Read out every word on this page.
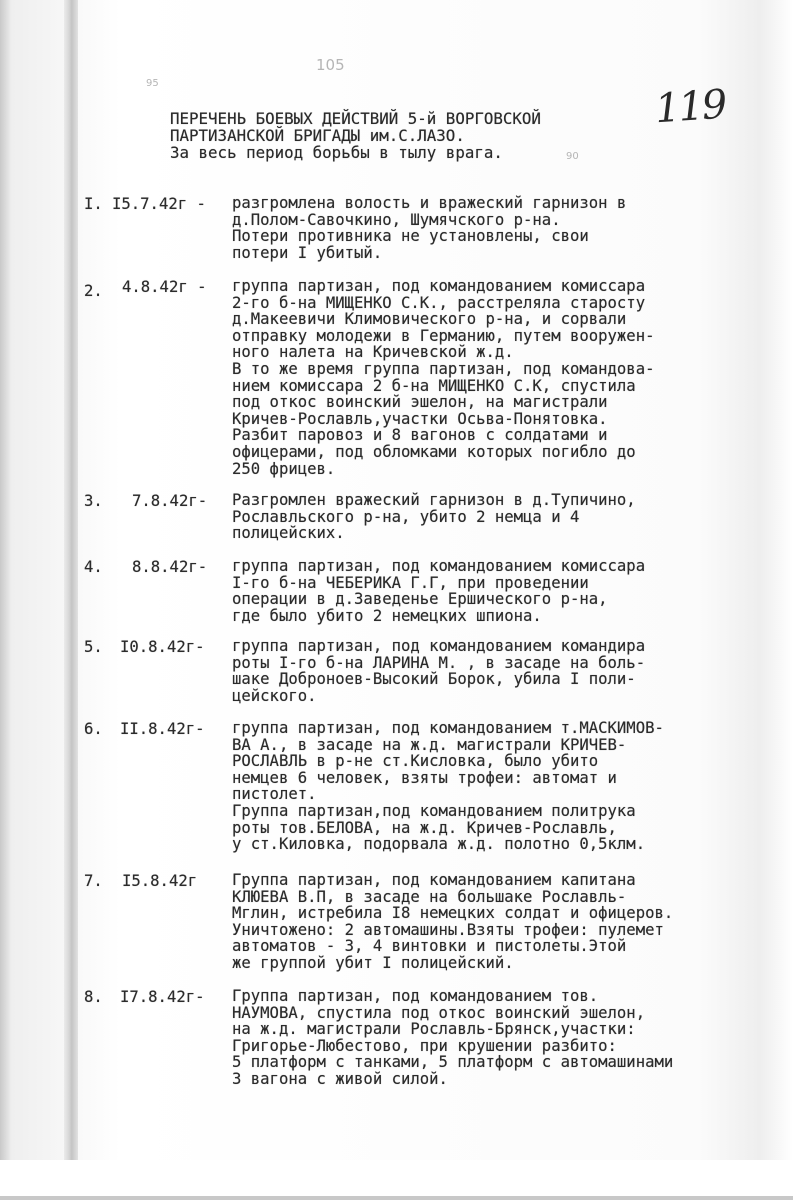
105
95
90
119
ПЕРЕЧЕНЬ БОЕВЫХ ДЕЙСТВИЙ 5-й ВОРГОВСКОЙ
ПАРТИЗАНСКОЙ БРИГАДЫ им.С.ЛАЗО.
За весь период борьбы в тылу врага.
I. I5.7.42г - разгромлена волость и вражеский гарнизон в
д.Полом-Савочкино, Шумячского р-на.
Потери противника не установлены, свои
потери I убитый.
2.	4.8.42г - группа партизан, под командованием комиссара
2-го б-на МИЩЕНКО С.К., расстреляла старосту
д.Макеевичи Климовического р-на, и сорвали
отправку молодежи в Германию, путем вооружен-
ного налета на Кричевской ж.д.
В то же время группа партизан, под командова-
нием комиссара 2 б-на МИЩЕНКО С.К, спустила
под откос воинский эшелон, на магистрали
Кричев-Рославль,участки Осьва-Понятовка.
Разбит паровоз и 8 вагонов с солдатами и
офицерами, под обломками которых погибло до
250 фрицев.
3.	7.8.42г- Разгромлен вражеский гарнизон в д.Тупичино,
Рославльского р-на, убито 2 немца и 4
полицейских.
4.	8.8.42г- группа партизан, под командованием комиссара
I-го б-на ЧЕБЕРИКА Г.Г, при проведении
операции в д.Заведенье Ершичеcкого р-на,
где было убито 2 немецких шпиона.
5.	I0.8.42г- группа партизан, под командованием командира
роты I-го б-на ЛАРИНА М. , в засаде на боль-
шаке Доброноев-Высокий Борок, убила I поли-
цейского.
6.	II.8.42г- группа партизан, под командованием т.МАСКИМОВ-
ВА А., в засаде на ж.д. магистрали КРИЧЕВ-
РОСЛАВЛЬ в р-не ст.Кисловка, было убито
немцев 6 человек, взяты трофеи: автомат и
пистолет.
Группа партизан,под командованием политрука
роты тов.БЕЛОВА, на ж.д. Кричев-Рославль,
у ст.Киловка, подорвала ж.д. полотно 0,5клм.
7.	I5.8.42г Группа партизан, под командованием капитана
КЛЮЕВА В.П, в засаде на большаке Рославль-
Мглин, истребила I8 немецких солдат и офицеров.
Уничтожено: 2 автомашины.Взяты трофеи: пулемет
автоматов - 3, 4 винтовки и пистолеты.Этой
же группой убит I полицейский.
8.	I7.8.42г- Группа партизан, под командованием тов.
НАУМОВА, спустила под откос воинский эшелон,
на ж.д. магистрали Рославль-Брянск,участки:
Григорье-Любестово, при крушении разбито:
5 платформ с танками, 5 платформ с автомашинами
3 вагона с живой силой.
